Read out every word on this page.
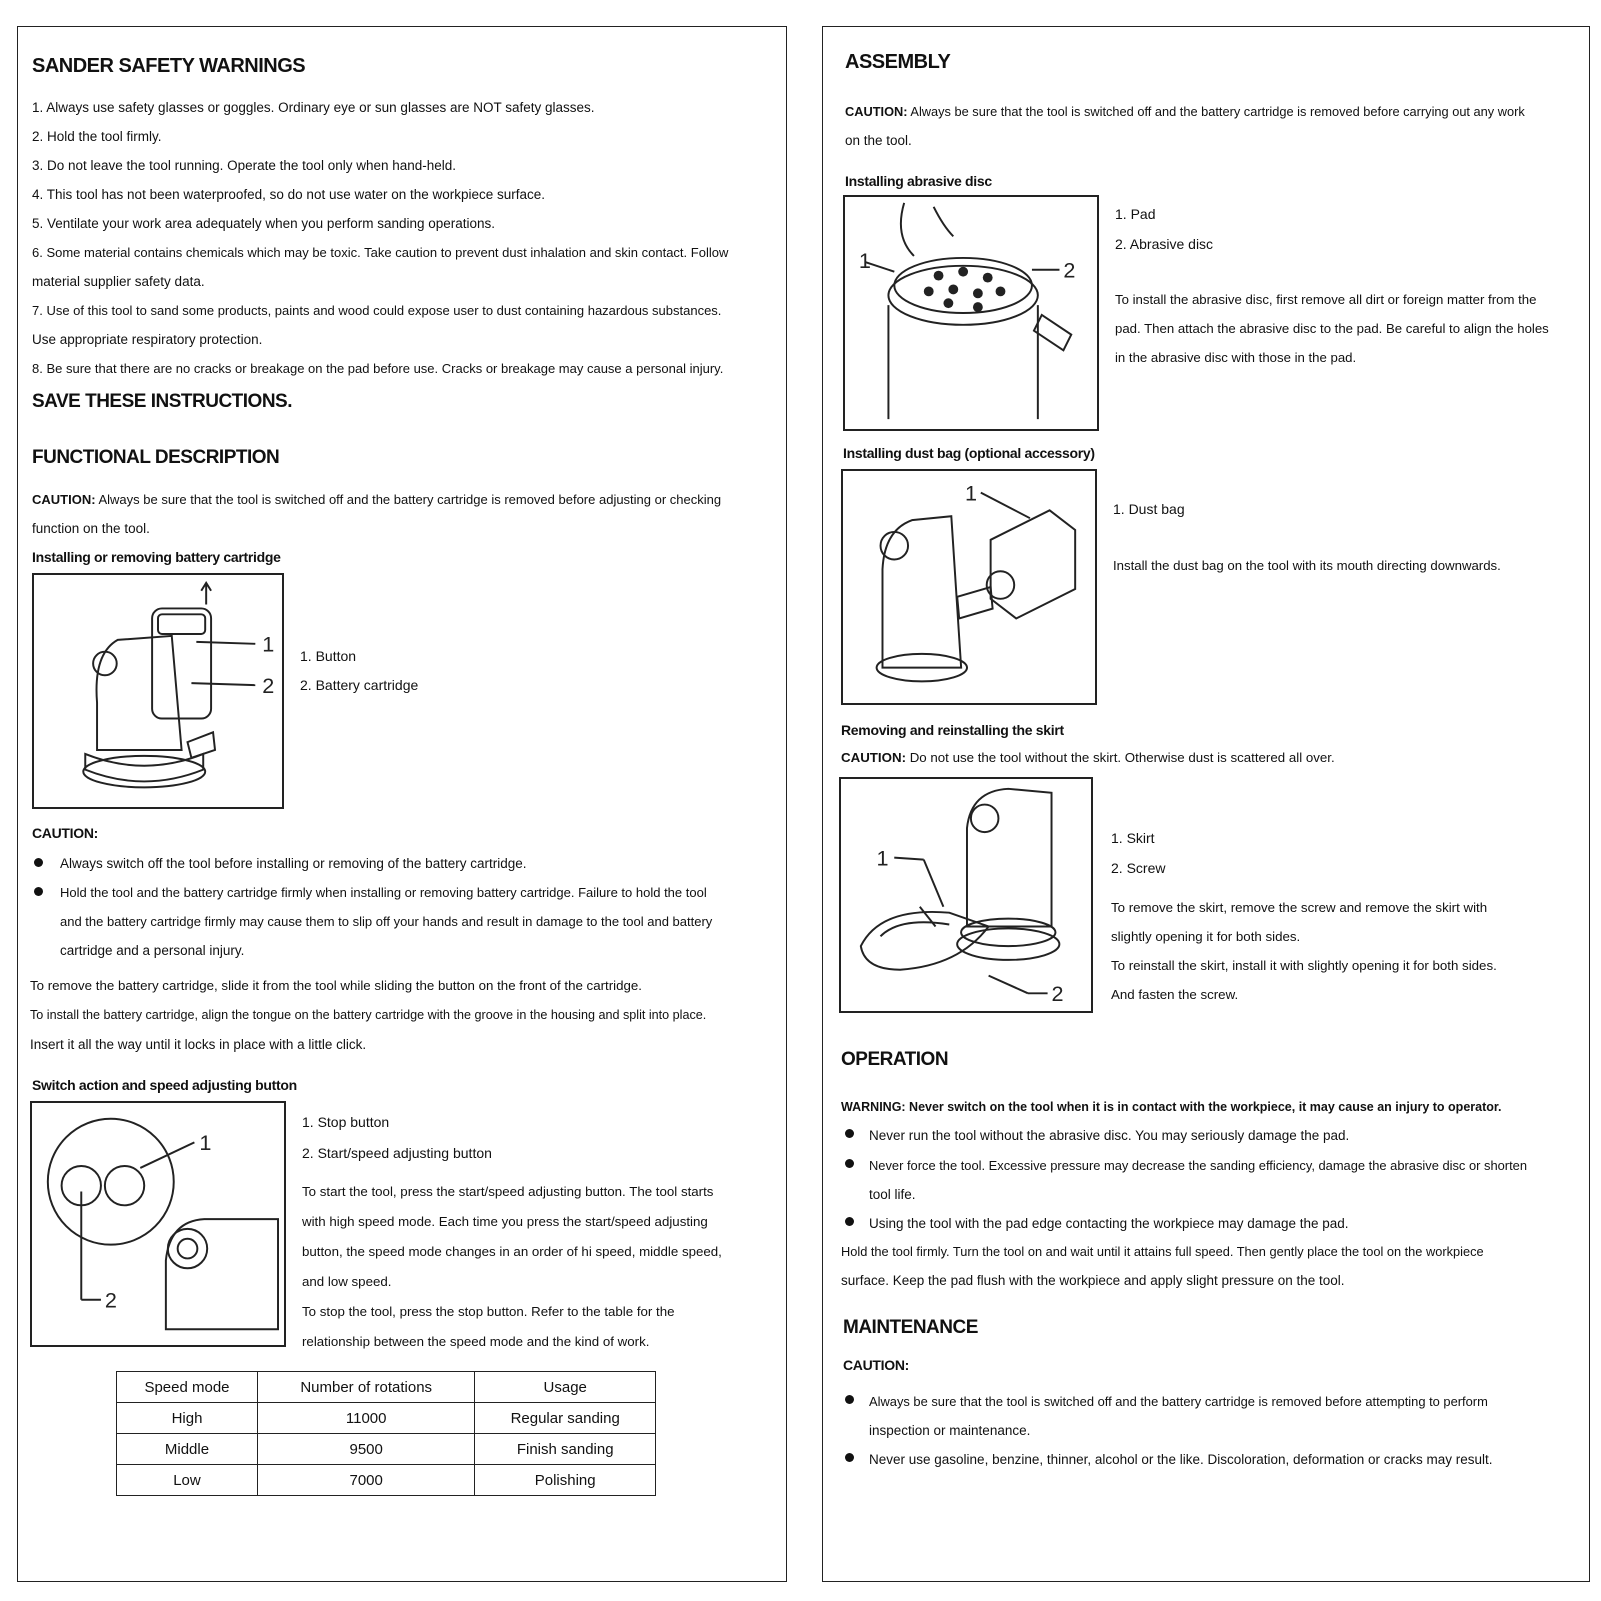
SANDER SAFETY WARNINGS
1. Always use safety glasses or goggles. Ordinary eye or sun glasses are NOT safety glasses.
2. Hold the tool firmly.
3. Do not leave the tool running. Operate the tool only when hand-held.
4. This tool has not been waterproofed, so do not use water on the workpiece surface.
5. Ventilate your work area adequately when you perform sanding operations.
6. Some material contains chemicals which may be toxic. Take caution to prevent dust inhalation and skin contact. Follow
material supplier safety data.
7. Use of this tool to sand some products, paints and wood could expose user to dust containing hazardous substances.
Use appropriate respiratory protection.
8. Be sure that there are no cracks or breakage on the pad before use. Cracks or breakage may cause a personal injury.
SAVE THESE INSTRUCTIONS.
FUNCTIONAL DESCRIPTION
CAUTION: Always be sure that the tool is switched off and the battery cartridge is removed before adjusting or checking
function on the tool.
Installing or removing battery cartridge
1
2
1. Button
2. Battery cartridge
CAUTION:
Always switch off the tool before installing or removing of the battery cartridge.
Hold the tool and the battery cartridge firmly when installing or removing battery cartridge. Failure to hold the tool
and the battery cartridge firmly may cause them to slip off your hands and result in damage to the tool and battery
cartridge and a personal injury.
To remove the battery cartridge, slide it from the tool while sliding the button on the front of the cartridge.
To install the battery cartridge, align the tongue on the battery cartridge with the groove in the housing and split into place.
Insert it all the way until it locks in place with a little click.
Switch action and speed adjusting button
1
2
1. Stop button
2. Start/speed adjusting button
To start the tool, press the start/speed adjusting button. The tool starts
with high speed mode. Each time you press the start/speed adjusting
button, the speed mode changes in an order of hi speed, middle speed,
and low speed.
To stop the tool, press the stop button. Refer to the table for the
relationship between the speed mode and the kind of work.
Speed mode	Number of rotations	Usage
High	11000	Regular sanding
Middle	9500	Finish sanding
Low	7000	Polishing
ASSEMBLY
CAUTION: Always be sure that the tool is switched off and the battery cartridge is removed before carrying out any work
on the tool.
Installing abrasive disc
1	2
1. Pad
2. Abrasive disc
To install the abrasive disc, first remove all dirt or foreign matter from the
pad. Then attach the abrasive disc to the pad. Be careful to align the holes
in the abrasive disc with those in the pad.
Installing dust bag (optional accessory)
1
1. Dust bag
Install the dust bag on the tool with its mouth directing downwards.
Removing and reinstalling the skirt
CAUTION: Do not use the tool without the skirt. Otherwise dust is scattered all over.
1
2
1. Skirt
2. Screw
To remove the skirt, remove the screw and remove the skirt with
slightly opening it for both sides.
To reinstall the skirt, install it with slightly opening it for both sides.
And fasten the screw.
OPERATION
WARNING: Never switch on the tool when it is in contact with the workpiece, it may cause an injury to operator.
Never run the tool without the abrasive disc. You may seriously damage the pad.
Never force the tool. Excessive pressure may decrease the sanding efficiency, damage the abrasive disc or shorten
tool life.
Using the tool with the pad edge contacting the workpiece may damage the pad.
Hold the tool firmly. Turn the tool on and wait until it attains full speed. Then gently place the tool on the workpiece
surface. Keep the pad flush with the workpiece and apply slight pressure on the tool.
MAINTENANCE
CAUTION:
Always be sure that the tool is switched off and the battery cartridge is removed before attempting to perform
inspection or maintenance.
Never use gasoline, benzine, thinner, alcohol or the like. Discoloration, deformation or cracks may result.
